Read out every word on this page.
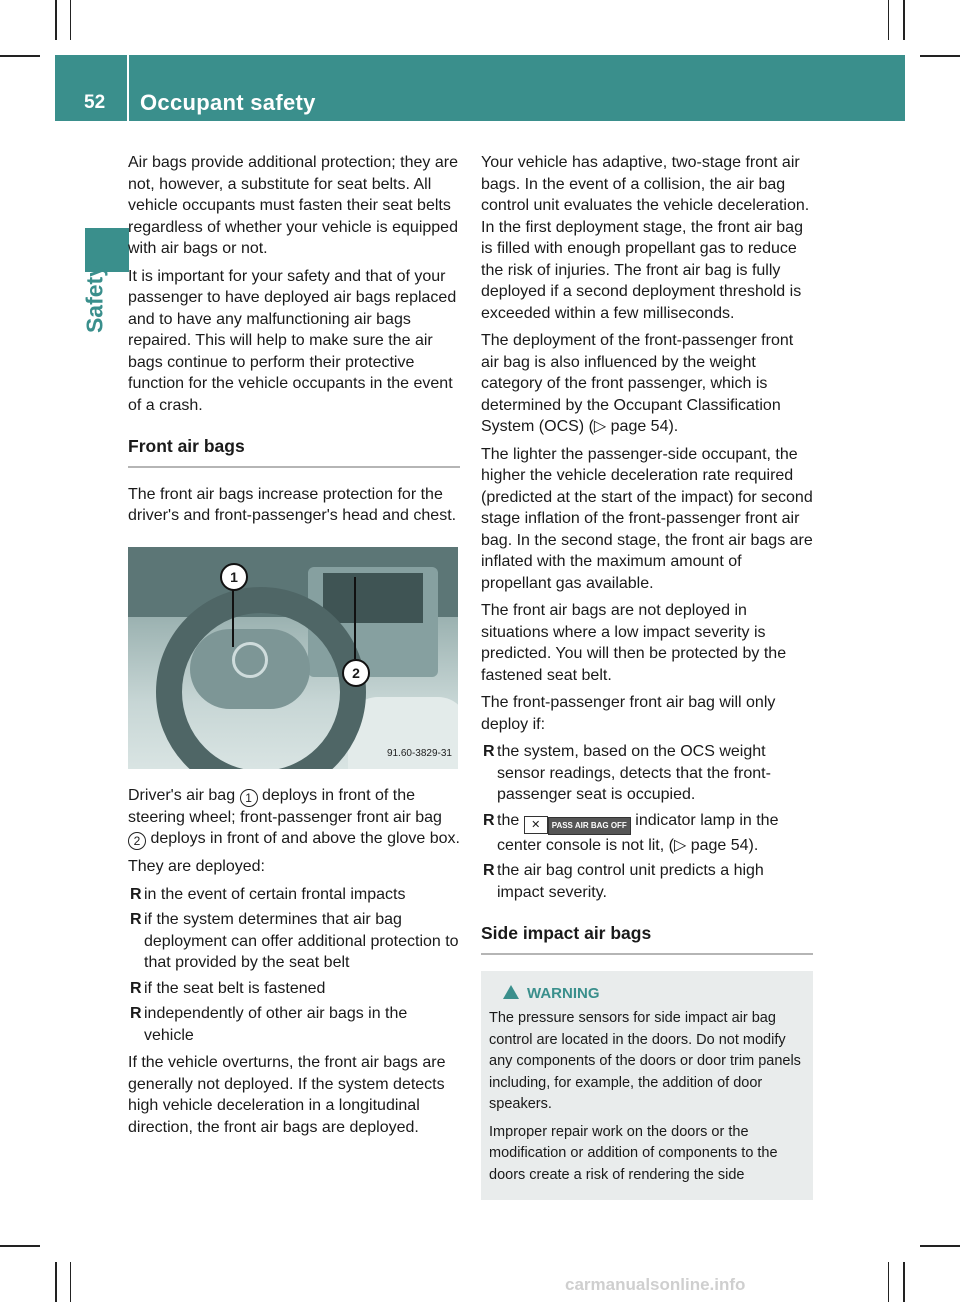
52 Occupant safety
Safety

Air bags provide additional protection; they are not, however, a substitute for seat belts. All vehicle occupants must fasten their seat belts regardless of whether your vehicle is equipped with air bags or not.

It is important for your safety and that of your passenger to have deployed air bags replaced and to have any malfunctioning air bags repaired. This will help to make sure the air bags continue to perform their protective function for the vehicle occupants in the event of a crash.

Front air bags

The front air bags increase protection for the driver's and front-passenger's head and chest.

1
2
91.60-3829-31

Driver's air bag 1 deploys in front of the steering wheel; front-passenger front air bag 2 deploys in front of and above the glove box.

They are deployed:

R in the event of certain frontal impacts
R if the system determines that air bag deployment can offer additional protection to that provided by the seat belt
R if the seat belt is fastened
R independently of other air bags in the vehicle

If the vehicle overturns, the front air bags are generally not deployed. If the system detects high vehicle deceleration in a longitudinal direction, the front air bags are deployed.

Your vehicle has adaptive, two-stage front air bags. In the event of a collision, the air bag control unit evaluates the vehicle deceleration. In the first deployment stage, the front air bag is filled with enough propellant gas to reduce the risk of injuries. The front air bag is fully deployed if a second deployment threshold is exceeded within a few milliseconds.

The deployment of the front-passenger front air bag is also influenced by the weight category of the front passenger, which is determined by the Occupant Classification System (OCS) (▷ page 54).

The lighter the passenger-side occupant, the higher the vehicle deceleration rate required (predicted at the start of the impact) for second stage inflation of the front-passenger front air bag. In the second stage, the front air bags are inflated with the maximum amount of propellant gas available.

The front air bags are not deployed in situations where a low impact severity is predicted. You will then be protected by the fastened seat belt.

The front-passenger front air bag will only deploy if:

R the system, based on the OCS weight sensor readings, detects that the front-passenger seat is occupied.
R the ✕ PASS AIR BAG OFF indicator lamp in the center console is not lit, (▷ page 54).
R the air bag control unit predicts a high impact severity.
Side impact air bags
WARNING

The pressure sensors for side impact air bag control are located in the doors. Do not modify any components of the doors or door trim panels including, for example, the addition of door speakers.

Improper repair work on the doors or the modification or addition of components to the doors create a risk of rendering the side

carmanualsonline.info
